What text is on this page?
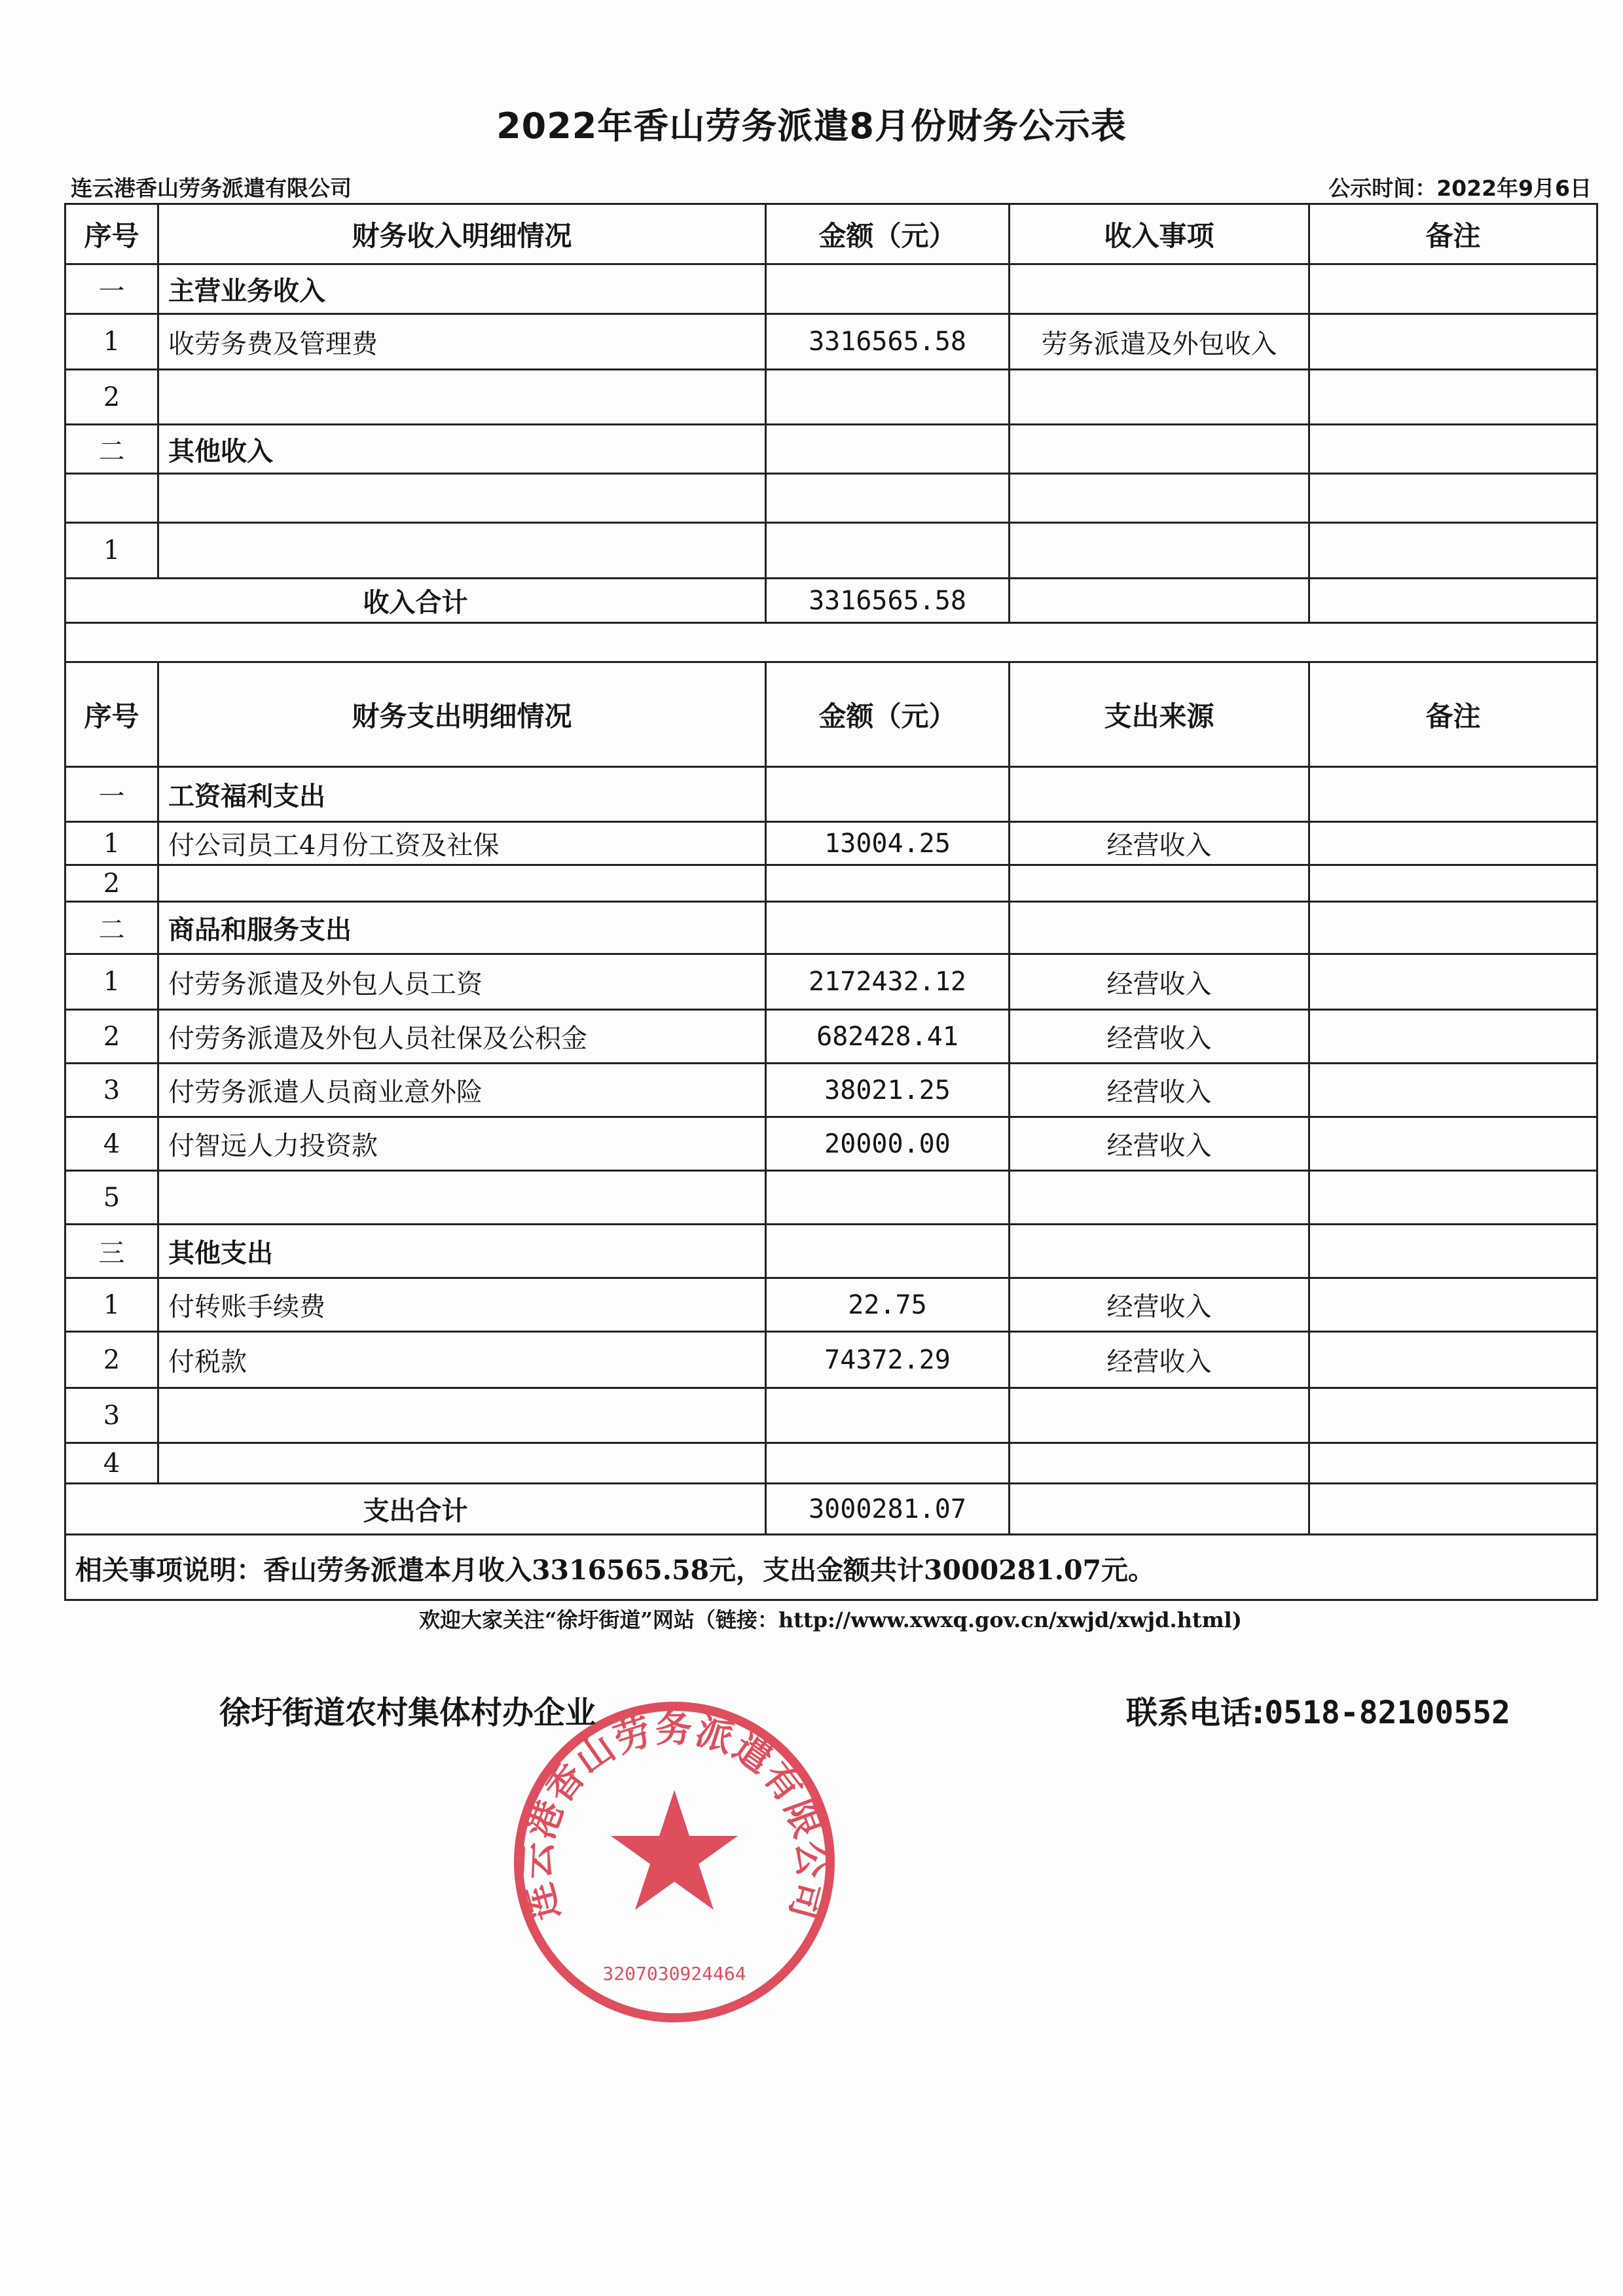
2022年香山劳务派遣8月份财务公示表
连云港香山劳务派遣有限公司	公示时间：2022年9月6日
序号	财务收入明细情况	金额（元）	收入事项	备注
一	主营业务收入			
1	收劳务费及管理费	3316565.58	劳务派遣及外包收入	
2				
二	其他收入			

1				
收入合计		3316565.58		

序号	财务支出明细情况	金额（元）	支出来源	备注
一	工资福利支出			
1	付公司员工4月份工资及社保	13004.25	经营收入	
2				
二	商品和服务支出			
1	付劳务派遣及外包人员工资	2172432.12	经营收入	
2	付劳务派遣及外包人员社保及公积金	682428.41	经营收入	
3	付劳务派遣人员商业意外险	38021.25	经营收入	
4	付智远人力投资款	20000.00	经营收入	
5				
三	其他支出			
1	付转账手续费	22.75	经营收入	
2	付税款	74372.29	经营收入	
3				
4				
支出合计		3000281.07		
相关事项说明：香山劳务派遣本月收入3316565.58元，支出金额共计3000281.07元。				
欢迎大家关注“徐圩街道”网站（链接：http://www.xwxq.gov.cn/xwjd/xwjd.html)
徐圩街道农村集体村办企业	联系电话:0518-82100552
连云港香山劳务派遣有限公司
3207030924464
